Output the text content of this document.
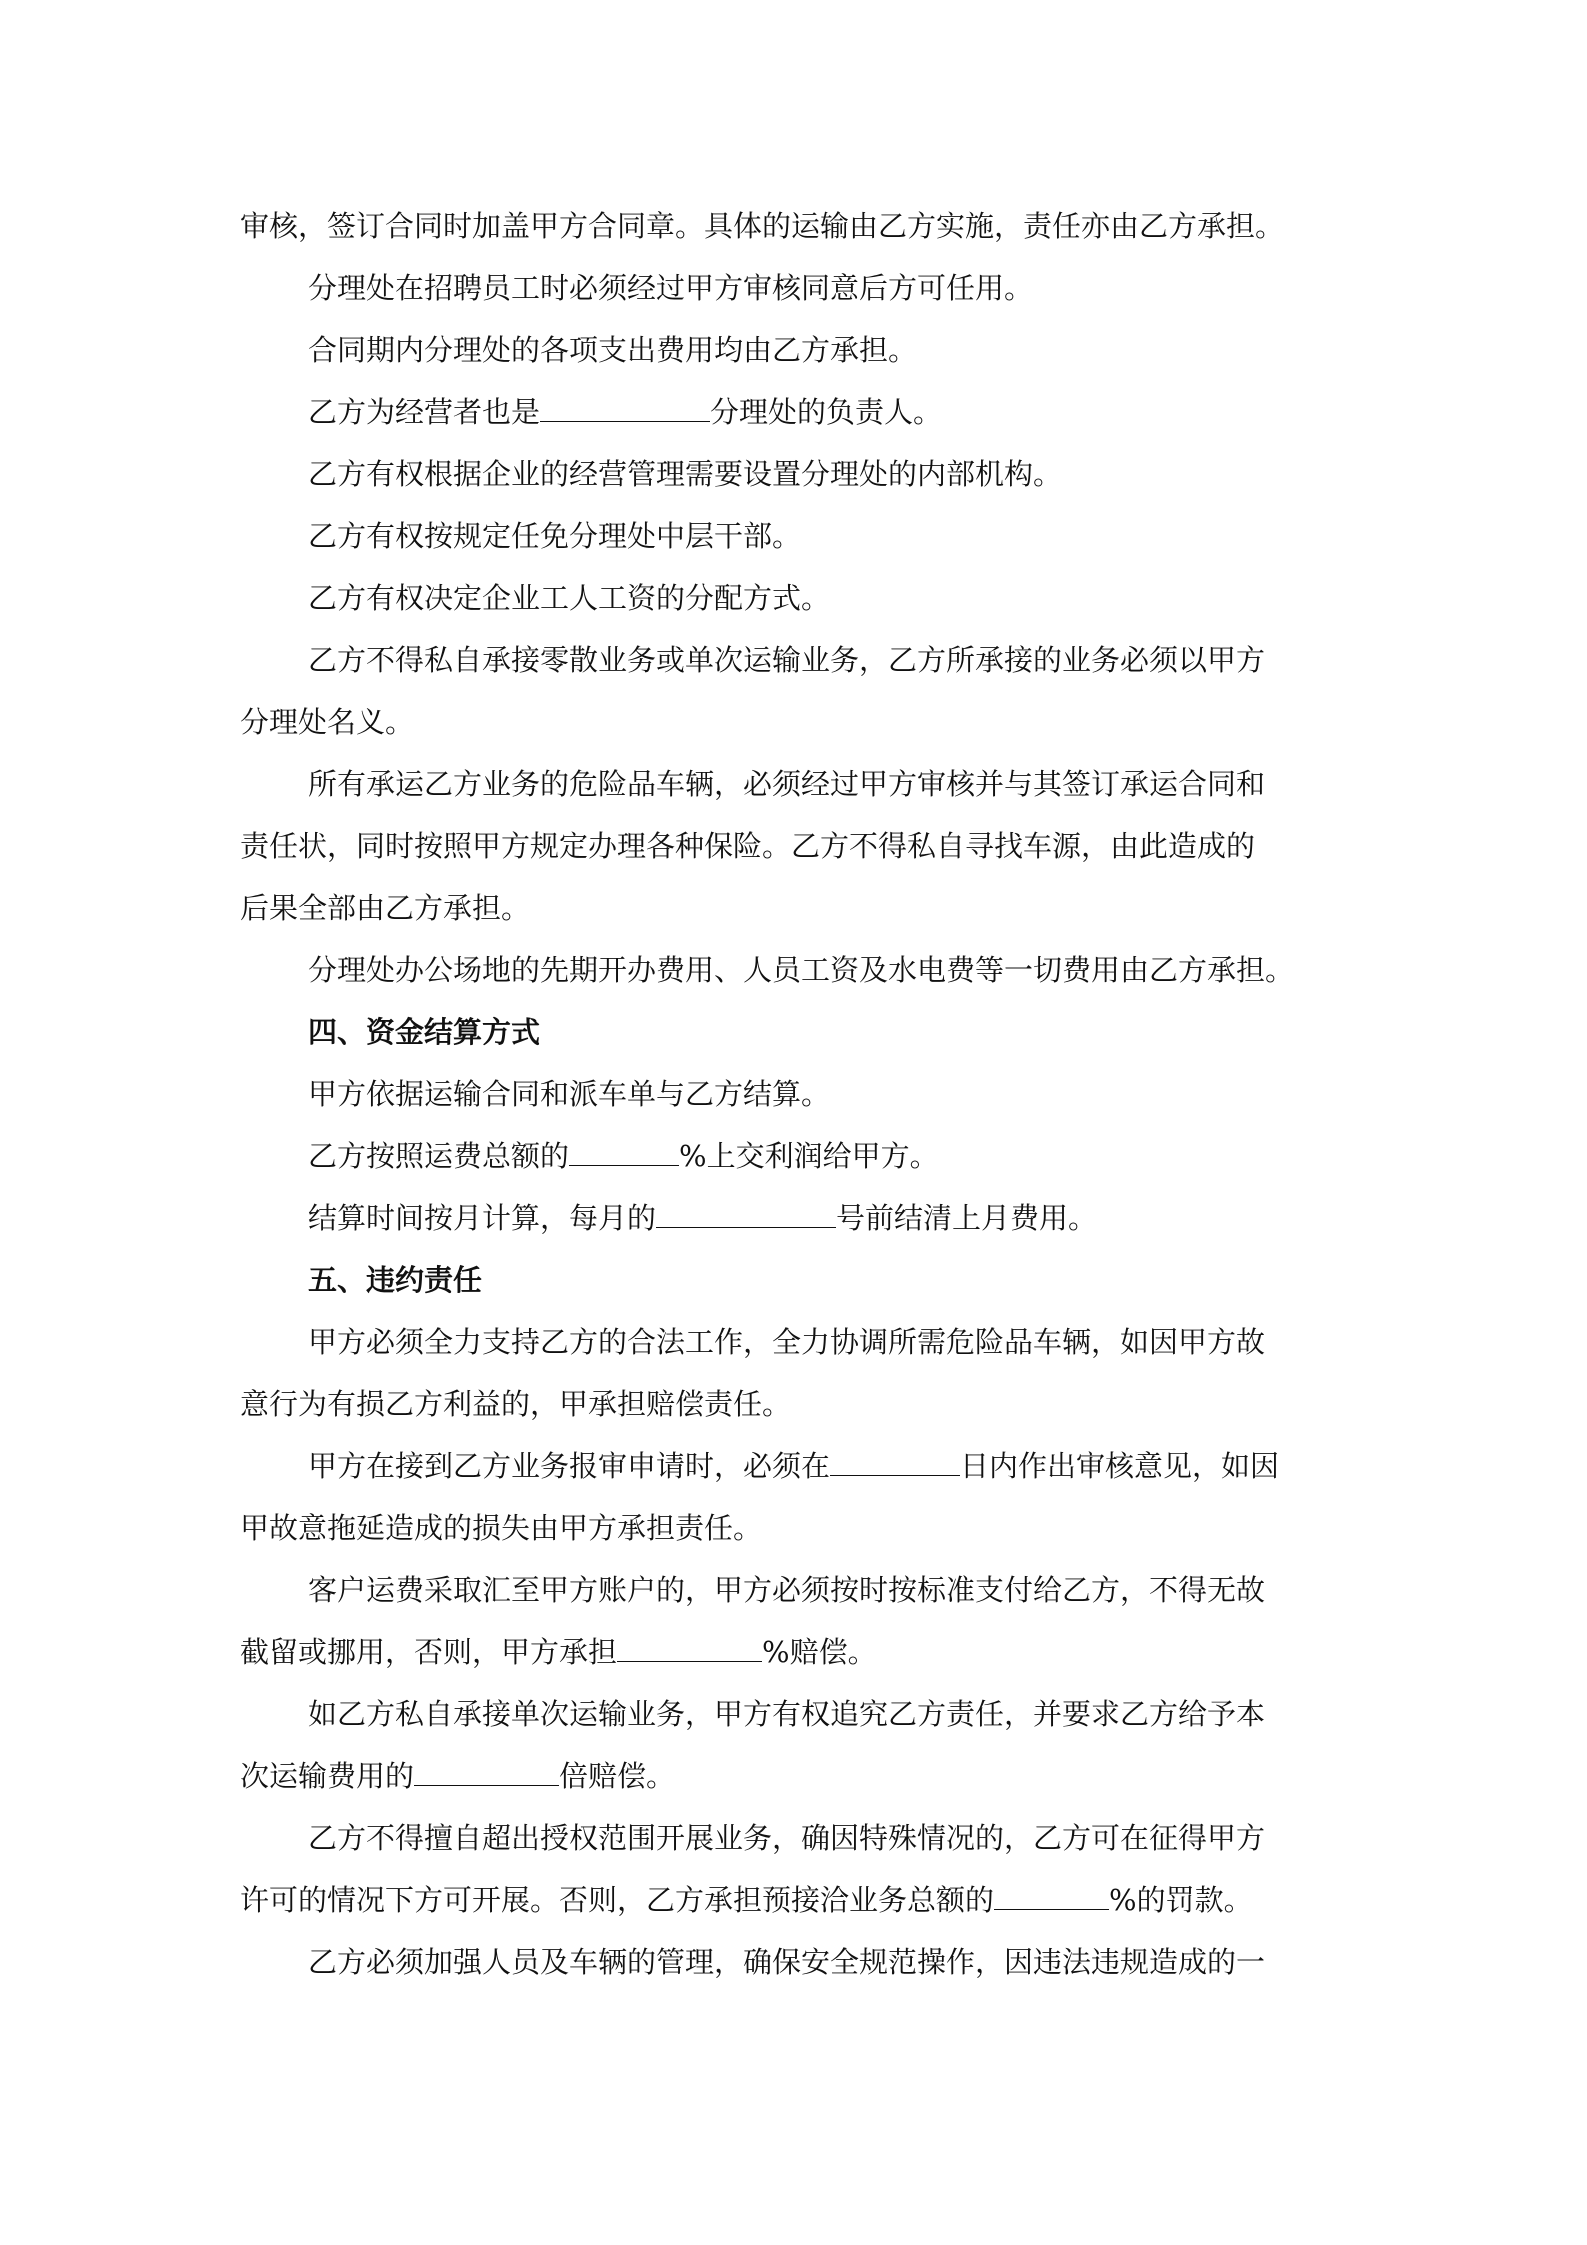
审核，签订合同时加盖甲方合同章。具体的运输由乙方实施，责任亦由乙方承担。
分理处在招聘员工时必须经过甲方审核同意后方可任用。
合同期内分理处的各项支出费用均由乙方承担。
乙方为经营者也是	分理处的负责人。
乙方有权根据企业的经营管理需要设置分理处的内部机构。
乙方有权按规定任免分理处中层干部。
乙方有权决定企业工人工资的分配方式。
乙方不得私自承接零散业务或单次运输业务，乙方所承接的业务必须以甲方
分理处名义。
所有承运乙方业务的危险品车辆，必须经过甲方审核并与其签订承运合同和
责任状，同时按照甲方规定办理各种保险。乙方不得私自寻找车源，由此造成的
后果全部由乙方承担。
分理处办公场地的先期开办费用、人员工资及水电费等一切费用由乙方承担。
四、资金结算方式
甲方依据运输合同和派车单与乙方结算。
乙方按照运费总额的	%上交利润给甲方。
结算时间按月计算，每月的	号前结清上月费用。
五、违约责任
甲方必须全力支持乙方的合法工作，全力协调所需危险品车辆，如因甲方故
意行为有损乙方利益的，甲承担赔偿责任。
甲方在接到乙方业务报审申请时，必须在	日内作出审核意见，如因
甲故意拖延造成的损失由甲方承担责任。
客户运费采取汇至甲方账户的，甲方必须按时按标准支付给乙方，不得无故
截留或挪用，否则，甲方承担	%赔偿。
如乙方私自承接单次运输业务，甲方有权追究乙方责任，并要求乙方给予本
次运输费用的	倍赔偿。
乙方不得擅自超出授权范围开展业务，确因特殊情况的，乙方可在征得甲方
许可的情况下方可开展。否则，乙方承担预接洽业务总额的	%的罚款。
乙方必须加强人员及车辆的管理，确保安全规范操作，因违法违规造成的一
